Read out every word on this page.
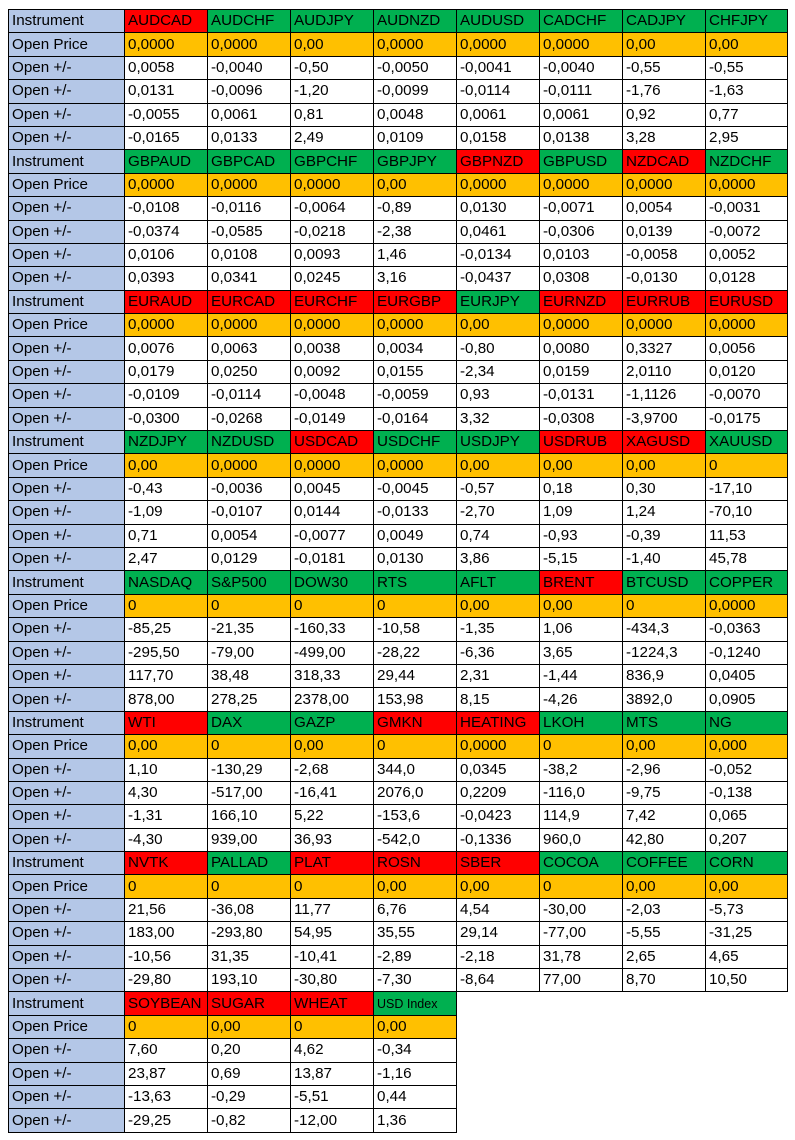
Instrument	AUDCAD	AUDCHF	AUDJPY	AUDNZD	AUDUSD	CADCHF	CADJPY	CHFJPY
Open Price	0,0000	0,0000	0,00	0,0000	0,0000	0,0000	0,00	0,00
Open +/-	0,0058	-0,0040	-0,50	-0,0050	-0,0041	-0,0040	-0,55	-0,55
Open +/-	0,0131	-0,0096	-1,20	-0,0099	-0,0114	-0,0111	-1,76	-1,63
Open +/-	-0,0055	0,0061	0,81	0,0048	0,0061	0,0061	0,92	0,77
Open +/-	-0,0165	0,0133	2,49	0,0109	0,0158	0,0138	3,28	2,95
Instrument	GBPAUD	GBPCAD	GBPCHF	GBPJPY	GBPNZD	GBPUSD	NZDCAD	NZDCHF
Open Price	0,0000	0,0000	0,0000	0,00	0,0000	0,0000	0,0000	0,0000
Open +/-	-0,0108	-0,0116	-0,0064	-0,89	0,0130	-0,0071	0,0054	-0,0031
Open +/-	-0,0374	-0,0585	-0,0218	-2,38	0,0461	-0,0306	0,0139	-0,0072
Open +/-	0,0106	0,0108	0,0093	1,46	-0,0134	0,0103	-0,0058	0,0052
Open +/-	0,0393	0,0341	0,0245	3,16	-0,0437	0,0308	-0,0130	0,0128
Instrument	EURAUD	EURCAD	EURCHF	EURGBP	EURJPY	EURNZD	EURRUB	EURUSD
Open Price	0,0000	0,0000	0,0000	0,0000	0,00	0,0000	0,0000	0,0000
Open +/-	0,0076	0,0063	0,0038	0,0034	-0,80	0,0080	0,3327	0,0056
Open +/-	0,0179	0,0250	0,0092	0,0155	-2,34	0,0159	2,0110	0,0120
Open +/-	-0,0109	-0,0114	-0,0048	-0,0059	0,93	-0,0131	-1,1126	-0,0070
Open +/-	-0,0300	-0,0268	-0,0149	-0,0164	3,32	-0,0308	-3,9700	-0,0175
Instrument	NZDJPY	NZDUSD	USDCAD	USDCHF	USDJPY	USDRUB	XAGUSD	XAUUSD
Open Price	0,00	0,0000	0,0000	0,0000	0,00	0,00	0,00	0
Open +/-	-0,43	-0,0036	0,0045	-0,0045	-0,57	0,18	0,30	-17,10
Open +/-	-1,09	-0,0107	0,0144	-0,0133	-2,70	1,09	1,24	-70,10
Open +/-	0,71	0,0054	-0,0077	0,0049	0,74	-0,93	-0,39	11,53
Open +/-	2,47	0,0129	-0,0181	0,0130	3,86	-5,15	-1,40	45,78
Instrument	NASDAQ	S&P500	DOW30	RTS	AFLT	BRENT	BTCUSD	COPPER
Open Price	0	0	0	0	0,00	0,00	0	0,0000
Open +/-	-85,25	-21,35	-160,33	-10,58	-1,35	1,06	-434,3	-0,0363
Open +/-	-295,50	-79,00	-499,00	-28,22	-6,36	3,65	-1224,3	-0,1240
Open +/-	117,70	38,48	318,33	29,44	2,31	-1,44	836,9	0,0405
Open +/-	878,00	278,25	2378,00	153,98	8,15	-4,26	3892,0	0,0905
Instrument	WTI	DAX	GAZP	GMKN	HEATING	LKOH	MTS	NG
Open Price	0,00	0	0,00	0	0,0000	0	0,00	0,000
Open +/-	1,10	-130,29	-2,68	344,0	0,0345	-38,2	-2,96	-0,052
Open +/-	4,30	-517,00	-16,41	2076,0	0,2209	-116,0	-9,75	-0,138
Open +/-	-1,31	166,10	5,22	-153,6	-0,0423	114,9	7,42	0,065
Open +/-	-4,30	939,00	36,93	-542,0	-0,1336	960,0	42,80	0,207
Instrument	NVTK	PALLAD	PLAT	ROSN	SBER	COCOA	COFFEE	CORN
Open Price	0	0	0	0,00	0,00	0	0,00	0,00
Open +/-	21,56	-36,08	11,77	6,76	4,54	-30,00	-2,03	-5,73
Open +/-	183,00	-293,80	54,95	35,55	29,14	-77,00	-5,55	-31,25
Open +/-	-10,56	31,35	-10,41	-2,89	-2,18	31,78	2,65	4,65
Open +/-	-29,80	193,10	-30,80	-7,30	-8,64	77,00	8,70	10,50
Instrument	SOYBEAN	SUGAR	WHEAT	USD Index				
Open Price	0	0,00	0	0,00				
Open +/-	7,60	0,20	4,62	-0,34				
Open +/-	23,87	0,69	13,87	-1,16				
Open +/-	-13,63	-0,29	-5,51	0,44				
Open +/-	-29,25	-0,82	-12,00	1,36				
